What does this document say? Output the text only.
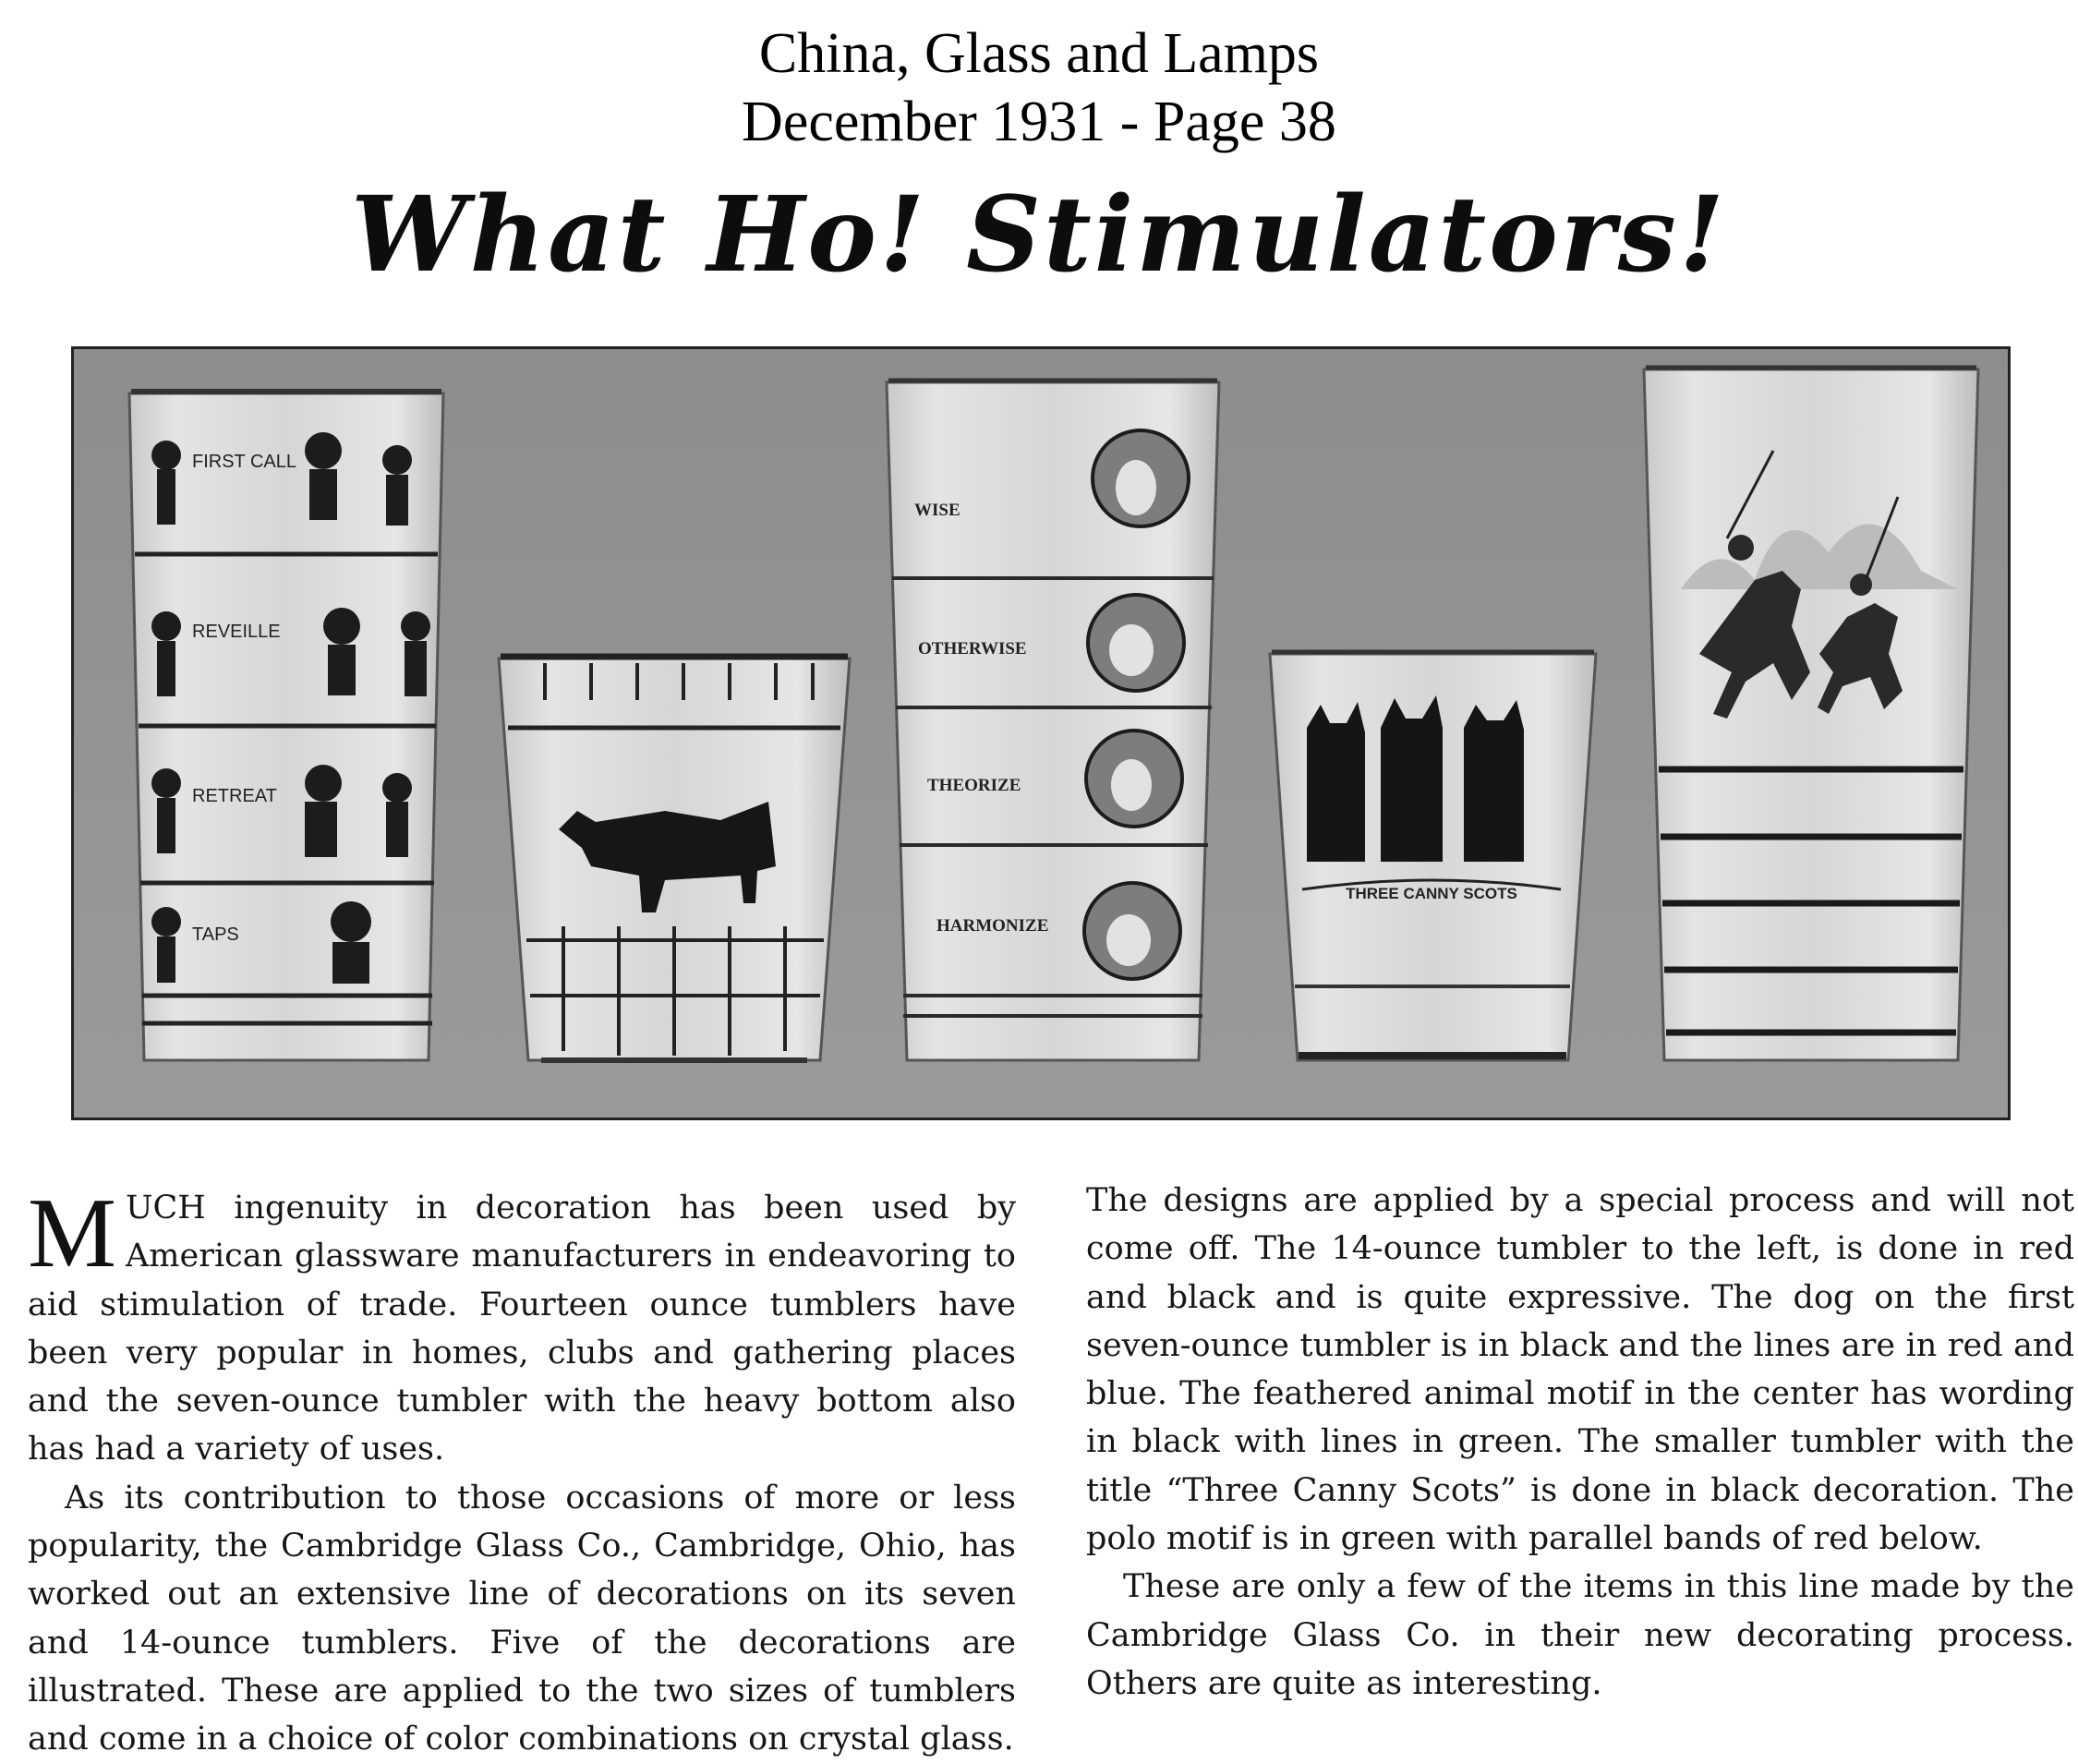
China, Glass and Lamps
December 1931 - Page 38
What Ho! Stimulators!
FIRST CALL
REVEILLE
RETREAT
TAPS
WISE
OTHERWISE
THEORIZE
HARMONIZE
THREE CANNY SCOTS

MUCH ingenuity in decoration has been used by American glassware manufacturers in endeavoring to aid stimulation of trade. Fourteen ounce tumblers have been very popular in homes, clubs and gathering places and the seven-ounce tumbler with the heavy bottom also has had a variety of uses.

As its contribution to those occasions of more or less popularity, the Cambridge Glass Co., Cambridge, Ohio, has worked out an extensive line of decorations on its seven and 14-ounce tumblers. Five of the decorations are illustrated. These are applied to the two sizes of tumblers and come in a choice of color combinations on crystal glass.

The designs are applied by a special process and will not come off. The 14-ounce tumbler to the left, is done in red and black and is quite expressive. The dog on the first seven-ounce tumbler is in black and the lines are in red and blue. The feathered animal motif in the center has wording in black with lines in green. The smaller tumbler with the title “Three Canny Scots” is done in black decoration. The polo motif is in green with parallel bands of red below.

These are only a few of the items in this line made by the Cambridge Glass Co. in their new decorating process. Others are quite as interesting.
